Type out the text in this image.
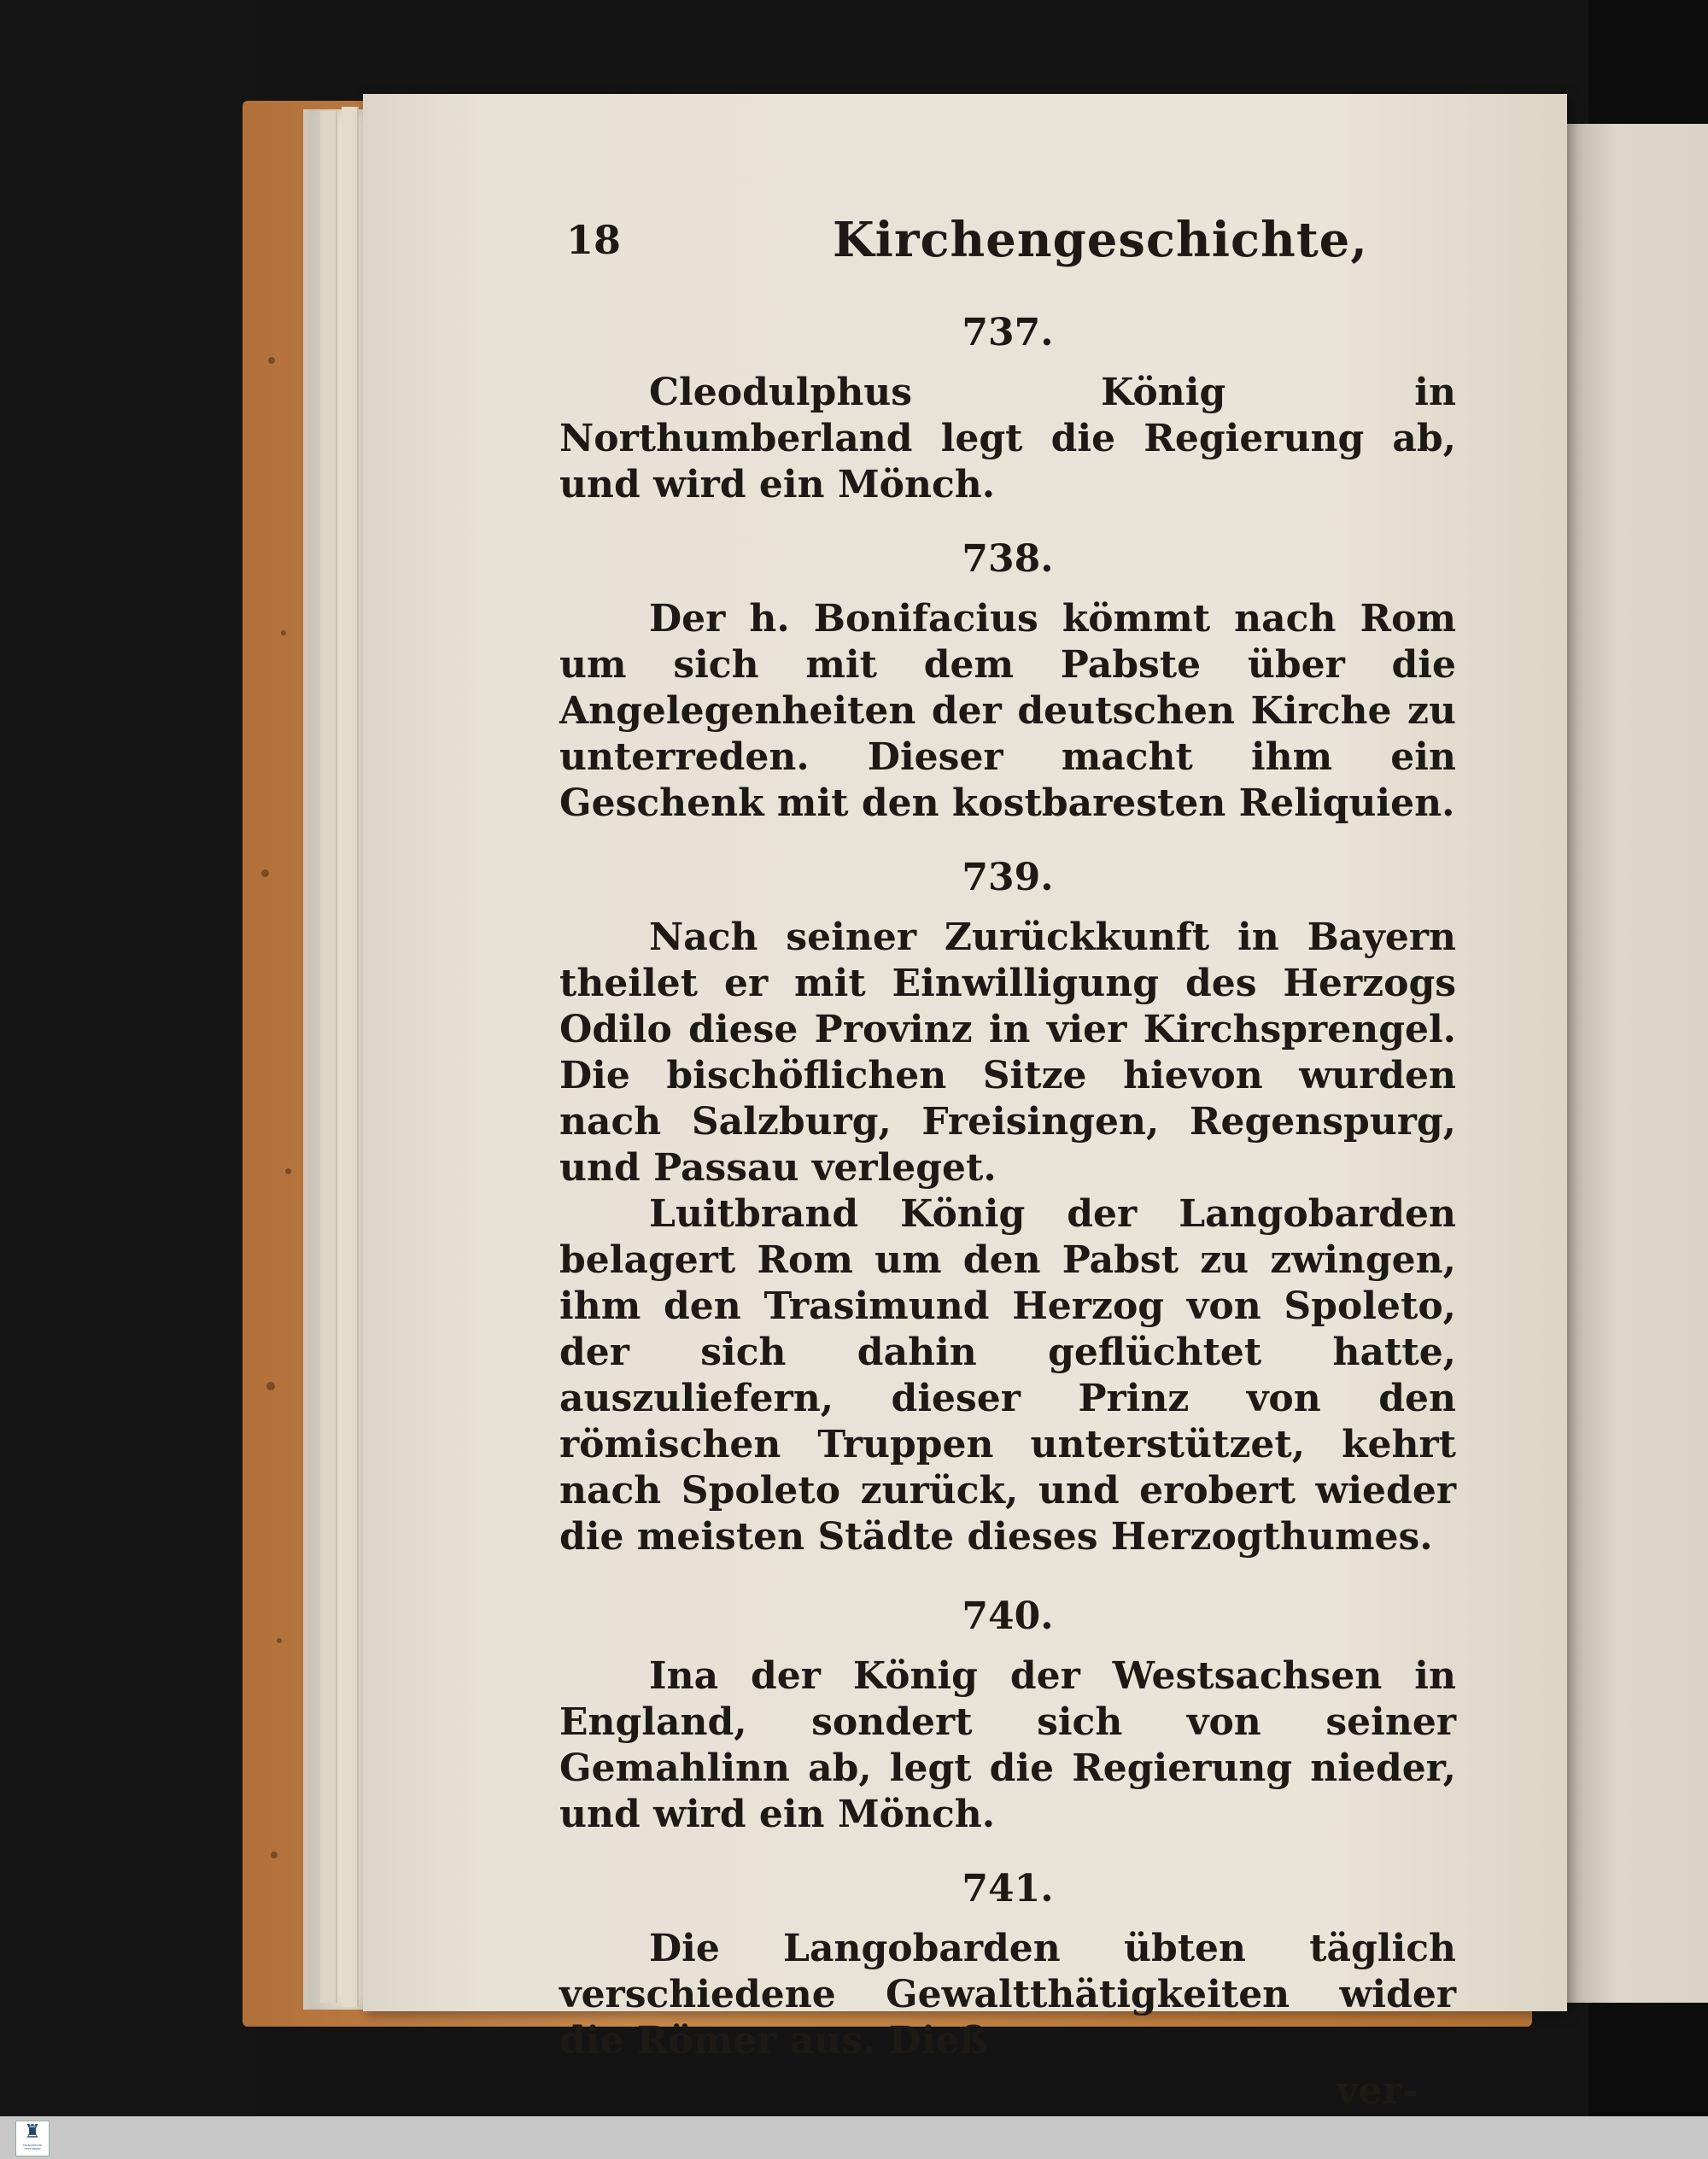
18	Kirchengeschichte,
737.

Cleodulphus König in Northumberland legt die Regierung ab, und wird ein Mönch.

738.

Der h. Bonifacius kömmt nach Rom um sich mit dem Pabste über die Angelegenheiten der deutschen Kirche zu unterreden. Dieser macht ihm ein Geschenk mit den kostbaresten Reliquien.

739.

Nach seiner Zurückkunft in Bayern theilet er mit Einwilligung des Herzogs Odilo diese Provinz in vier Kirchsprengel. Die bischöflichen Sitze hievon wurden nach Salzburg, Freisingen, Regenspurg, und Passau verleget.

Luitbrand König der Langobarden belagert Rom um den Pabst zu zwingen, ihm den Trasimund Herzog von Spoleto, der sich dahin geflüchtet hatte, auszuliefern, dieser Prinz von den römischen Truppen unterstützet, kehrt nach Spoleto zurück, und erobert wieder die meisten Städte dieses Herzogthumes.

740.

Ina der König der Westsachsen in England, sondert sich von seiner Gemahlinn ab, legt die Regierung nieder, und wird ein Mönch.

741.

Die Langobarden übten täglich verschiedene Gewaltthätigkeiten wider die Römer aus. Dieß

ver-
♜
FRANCKESCHE STIFTUNGEN
